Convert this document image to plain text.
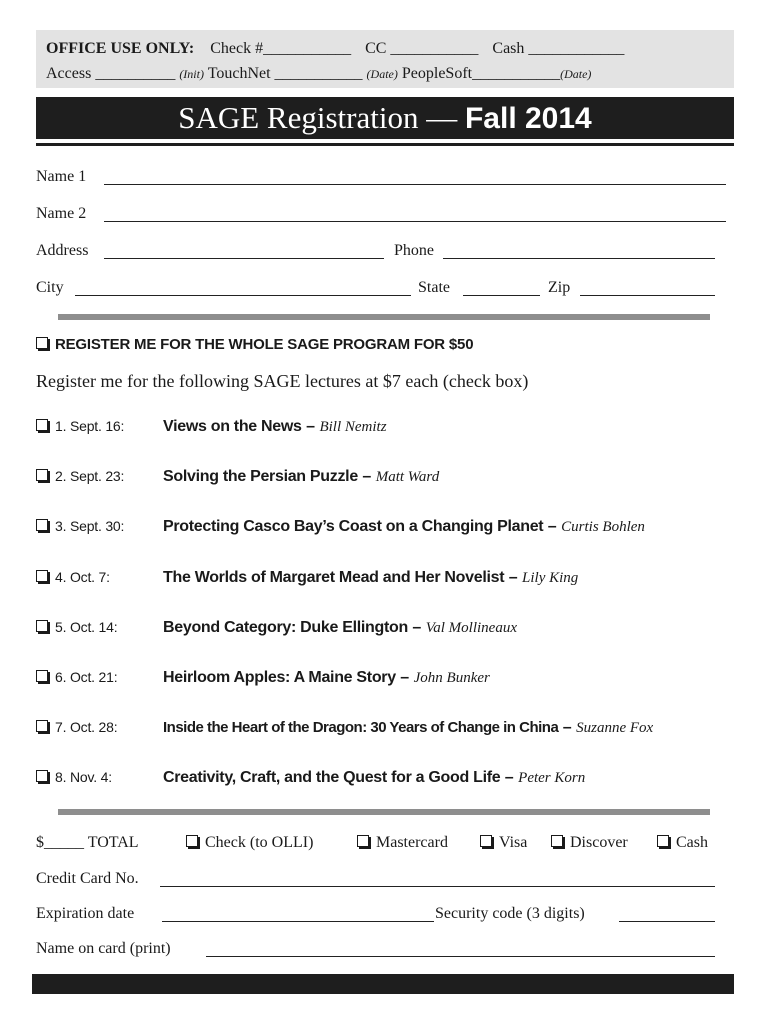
OFFICE USE ONLY: Check #___________ CC ___________ Cash ____________
Access __________ (Init) TouchNet ___________ (Date) PeopleSoft___________(Date)
SAGE Registration — Fall 2014
Name 1
Name 2
Address	Phone
City	State	Zip
REGISTER ME FOR THE WHOLE SAGE PROGRAM FOR $50
Register me for the following SAGE lectures at $7 each (check box)
1. Sept. 16: Views on the News – Bill Nemitz
2. Sept. 23: Solving the Persian Puzzle – Matt Ward
3. Sept. 30: Protecting Casco Bay’s Coast on a Changing Planet – Curtis Bohlen
4. Oct. 7:	The Worlds of Margaret Mead and Her Novelist – Lily King
5. Oct. 14:	Beyond Category: Duke Ellington – Val Mollineaux
6. Oct. 21:	Heirloom Apples: A Maine Story – John Bunker
7. Oct. 28:	Inside the Heart of the Dragon: 30 Years of Change in China – Suzanne Fox
8. Nov. 4:	Creativity, Craft, and the Quest for a Good Life – Peter Korn
$_____ TOTAL	Check (to OLLI)	Mastercard	Visa	Discover	Cash
Credit Card No.
Expiration date	Security code (3 digits)
Name on card (print)
